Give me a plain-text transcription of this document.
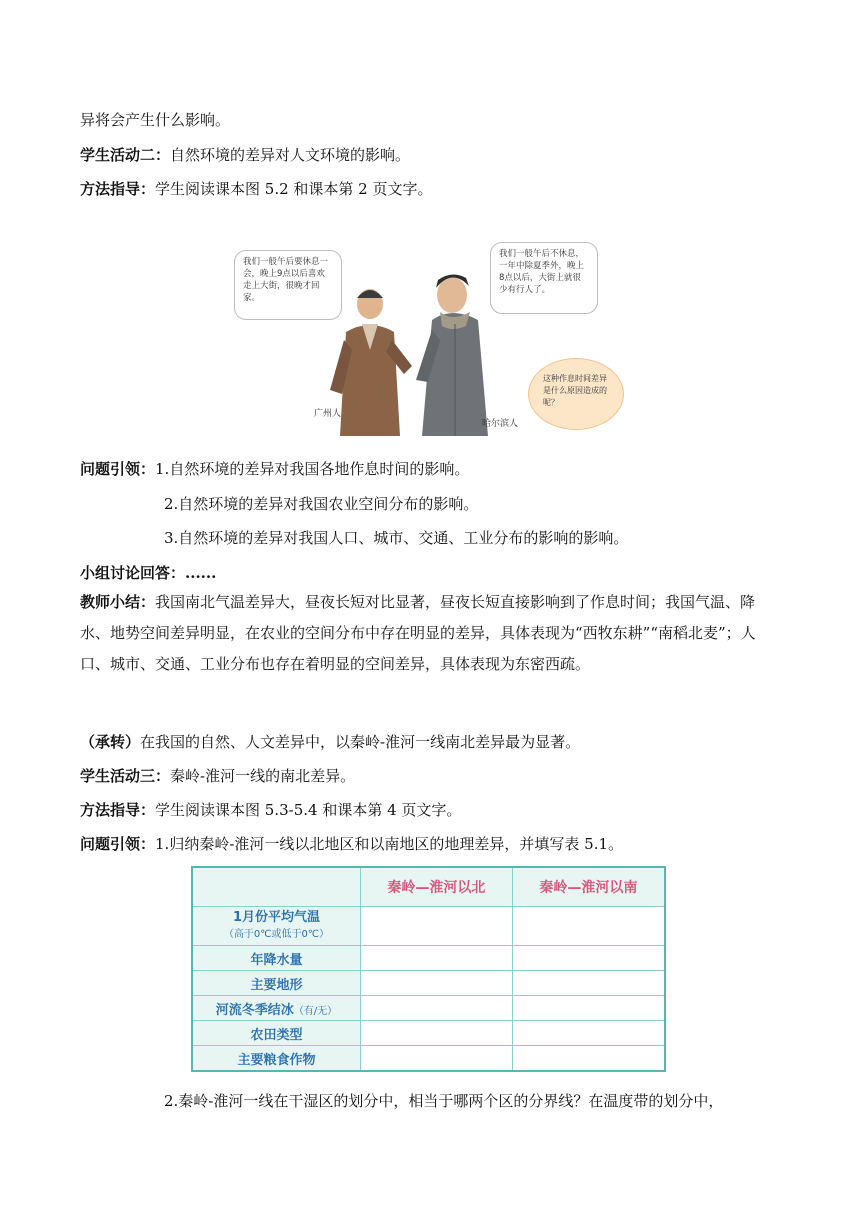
异将会产生什么影响。
学生活动二：自然环境的差异对人文环境的影响。
方法指导：学生阅读课本图 5.2 和课本第 2 页文字。
我们一般午后要休息一会，晚上9点以后喜欢走上大街，很晚才回家。
我们一般午后不休息，一年中除夏季外，晚上8点以后，大街上就很少有行人了。
这种作息时间差异是什么原因造成的呢？
广州人
哈尔滨人
问题引领：1.自然环境的差异对我国各地作息时间的影响。
2.自然环境的差异对我国农业空间分布的影响。
3.自然环境的差异对我国人口、城市、交通、工业分布的影响的影响。
小组讨论回答：......
教师小结：我国南北气温差异大，昼夜长短对比显著，昼夜长短直接影响到了作息时间；我国气温、降水、地势空间差异明显，在农业的空间分布中存在明显的差异，具体表现为“西牧东耕”“南稻北麦”；人口、城市、交通、工业分布也存在着明显的空间差异，具体表现为东密西疏。
（承转）在我国的自然、人文差异中，以秦岭-淮河一线南北差异最为显著。
学生活动三：秦岭-淮河一线的南北差异。
方法指导：学生阅读课本图 5.3-5.4 和课本第 4 页文字。
问题引领：1.归纳秦岭-淮河一线以北地区和以南地区的地理差异，并填写表 5.1。
	秦岭—淮河以北	秦岭—淮河以南
1月份平均气温
（高于0℃或低于0℃）		
年降水量		
主要地形		
河流冬季结冰（有/无）		
农田类型		
主要粮食作物		
2.秦岭-淮河一线在干湿区的划分中，相当于哪两个区的分界线？在温度带的划分中，
